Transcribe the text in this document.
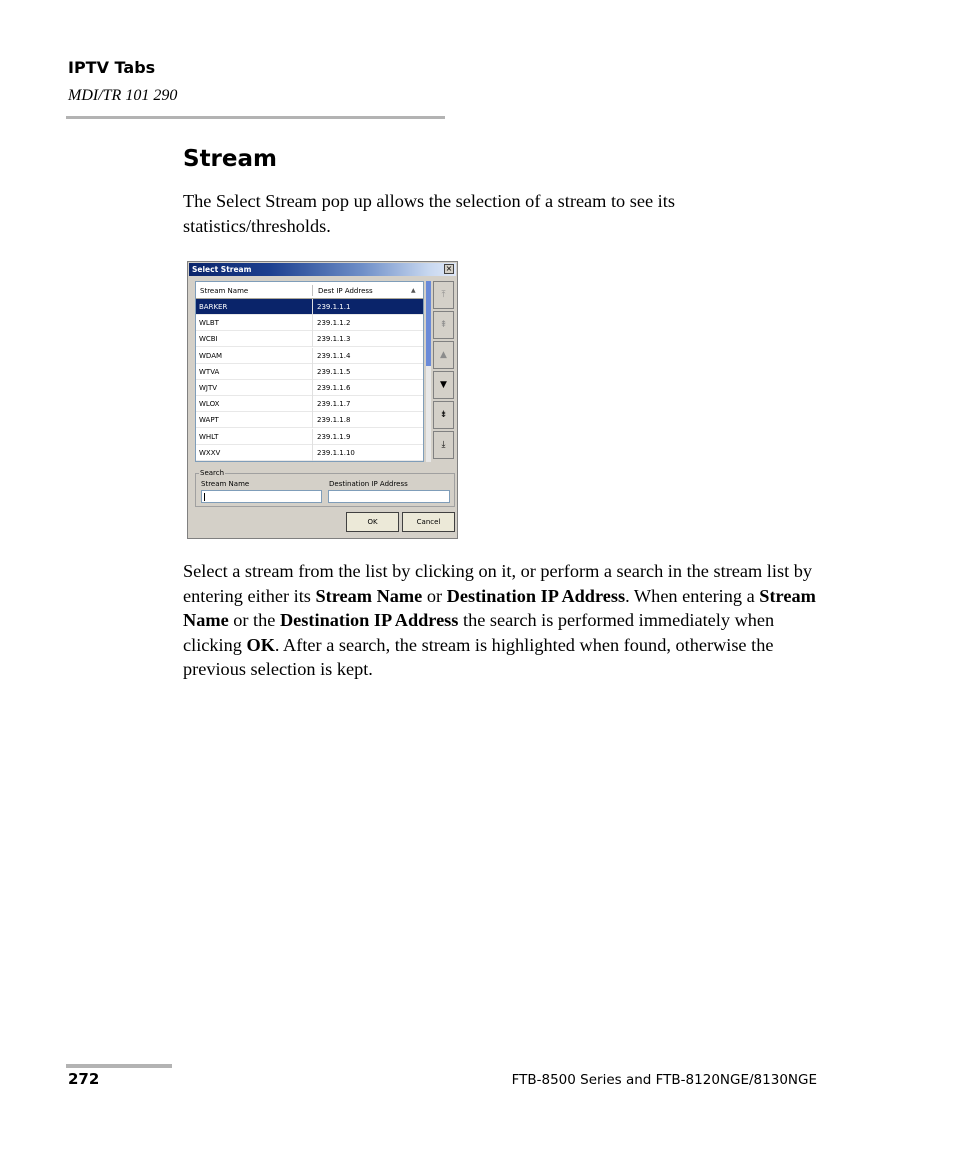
IPTV Tabs
MDI/TR 101 290
Stream
The Select Stream pop up allows the selection of a stream to see its statistics/thresholds.
Select Stream	×
Stream Name	Dest IP Address	▲
BARKER	239.1.1.1
WLBT	239.1.1.2
WCBI	239.1.1.3
WDAM	239.1.1.4
WTVA	239.1.1.5
WJTV	239.1.1.6
WLOX	239.1.1.7
WAPT	239.1.1.8
WHLT	239.1.1.9
WXXV	239.1.1.10
⤒
⇞
▲
▼
⇟
⤓
Search
Stream Name	Destination IP Address
OK	Cancel
Select a stream from the list by clicking on it, or perform a search in the stream list by entering either its Stream Name or Destination IP Address. When entering a Stream Name or the Destination IP Address the search is performed immediately when clicking OK. After a search, the stream is highlighted when found, otherwise the previous selection is kept.
272	FTB-8500 Series and FTB-8120NGE/8130NGE
